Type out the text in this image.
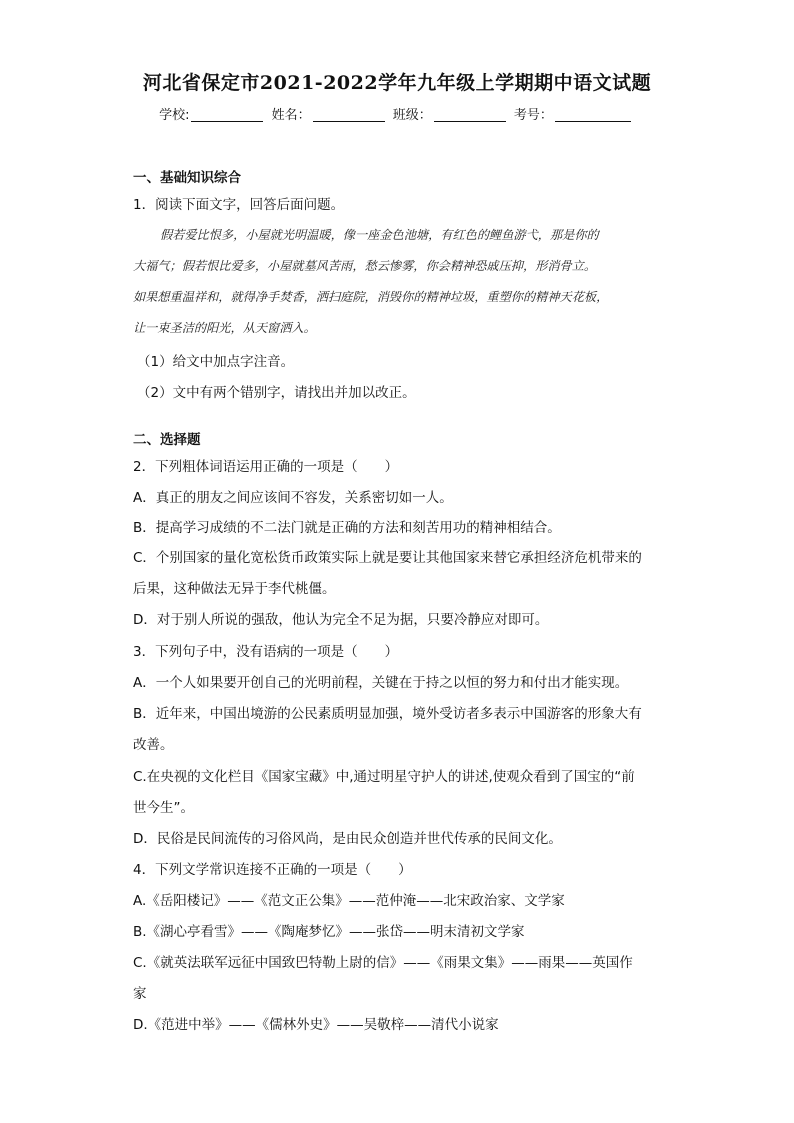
河北省保定市2021-2022学年九年级上学期期中语文试题
学校:	姓名：	班级：	考号：
一、基础知识综合
1．阅读下面文字，回答后面问题。
假若爱比恨多，小屋就光明温暖，像一座金色池塘，有红色的鲤鱼游弋，那是你的
大福气；假若恨比爱多，小屋就墓风苦雨，愁云惨雾，你会精神恐戚压抑，形消骨立。
如果想重温祥和，就得净手焚香，洒扫庭院，消毁你的精神垃圾，重塑你的精神天花板，
让一束圣洁的阳光，从天窗洒入。
（1）给文中加点字注音。
（2）文中有两个错别字，请找出并加以改正。
二、选择题
2．下列粗体词语运用正确的一项是（　　）
A．真正的朋友之间应该间不容发，关系密切如一人。
B．提高学习成绩的不二法门就是正确的方法和刻苦用功的精神相结合。
C．个别国家的量化宽松货币政策实际上就是要让其他国家来替它承担经济危机带来的
后果，这种做法无异于李代桃僵。
D．对于别人所说的强敌，他认为完全不足为据，只要冷静应对即可。
3．下列句子中，没有语病的一项是（　　）
A．一个人如果要开创自己的光明前程，关键在于持之以恒的努力和付出才能实现。
B．近年来，中国出境游的公民素质明显加强，境外受访者多表示中国游客的形象大有
改善。
C.在央视的文化栏目《国家宝藏》中,通过明星守护人的讲述,使观众看到了国宝的“前
世今生”。
D．民俗是民间流传的习俗风尚，是由民众创造并世代传承的民间文化。
4．下列文学常识连接不正确的一项是（　　）
A.《岳阳楼记》——《范文正公集》——范仲淹——北宋政治家、文学家
B.《湖心亭看雪》——《陶庵梦忆》——张岱——明末清初文学家
C.《就英法联军远征中国致巴特勒上尉的信》——《雨果文集》——雨果——英国作
家
D.《范进中举》——《儒林外史》——吴敬梓——清代小说家
